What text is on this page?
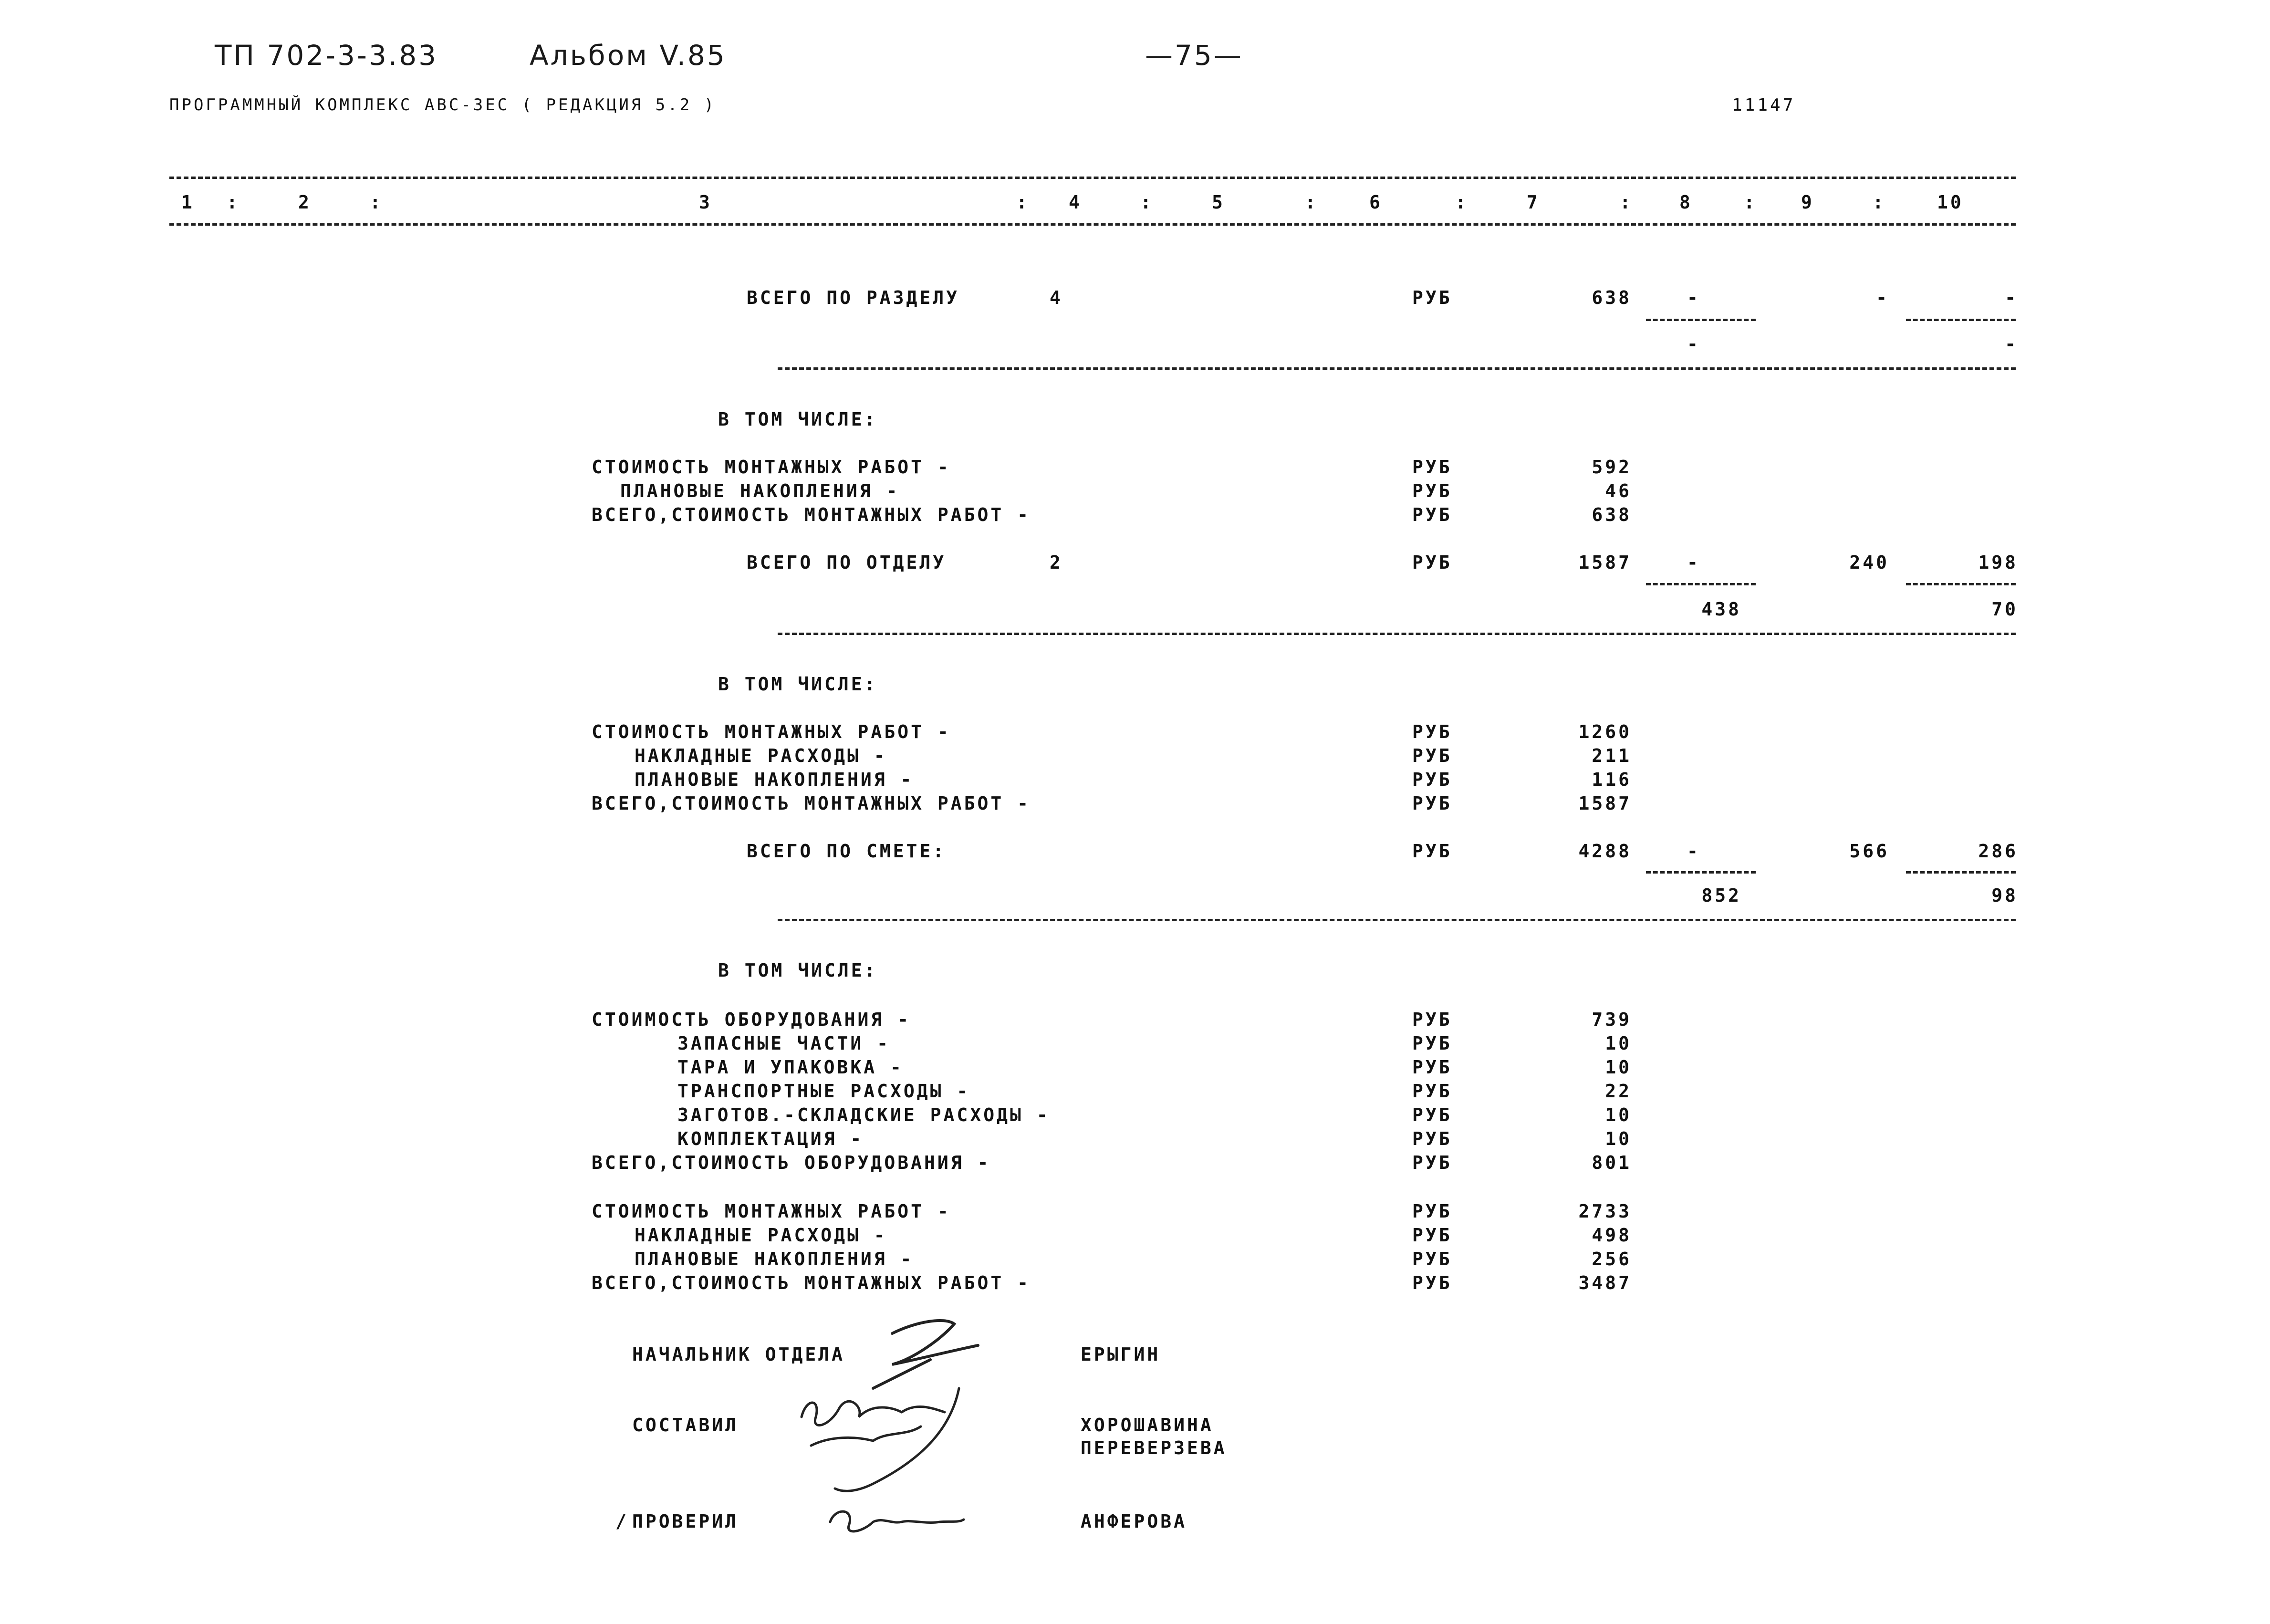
ТП 702-3-3.83	Альбом V.85	—75—
ПРОГРАММНЫЙ КОМПЛЕКС АВС-3ЕС ( РЕДАКЦИЯ 5.2 )	11147
1 :	2	:	3	: 4	:	5	:	6	:	7	:	8	: 9	:	10
ВСЕГО ПО РАЗДЕЛУ	4	РУБ	638	-	-	-
-	-
В ТОМ ЧИСЛЕ:
СТОИМОСТЬ МОНТАЖНЫХ РАБОТ -	РУБ	592
ПЛАНОВЫЕ НАКОПЛЕНИЯ -	РУБ	46
ВСЕГО,СТОИМОСТЬ МОНТАЖНЫХ РАБОТ -	РУБ	638
ВСЕГО ПО ОТДЕЛУ	2	РУБ	1587	-	240	198
438	70
В ТОМ ЧИСЛЕ:
СТОИМОСТЬ МОНТАЖНЫХ РАБОТ -	РУБ	1260
НАКЛАДНЫЕ РАСХОДЫ -	РУБ	211
ПЛАНОВЫЕ НАКОПЛЕНИЯ -	РУБ	116
ВСЕГО,СТОИМОСТЬ МОНТАЖНЫХ РАБОТ -	РУБ	1587
ВСЕГО ПО СМЕТЕ:	РУБ	4288	-	566	286
852	98
В ТОМ ЧИСЛЕ:
СТОИМОСТЬ ОБОРУДОВАНИЯ -	РУБ	739
ЗАПАСНЫЕ ЧАСТИ -	РУБ	10
ТАРА И УПАКОВКА -	РУБ	10
ТРАНСПОРТНЫЕ РАСХОДЫ -	РУБ	22
ЗАГОТОВ.-СКЛАДСКИЕ РАСХОДЫ -	РУБ	10
КОМПЛЕКТАЦИЯ -	РУБ	10
ВСЕГО,СТОИМОСТЬ ОБОРУДОВАНИЯ -	РУБ	801
СТОИМОСТЬ МОНТАЖНЫХ РАБОТ -	РУБ	2733
НАКЛАДНЫЕ РАСХОДЫ -	РУБ	498
ПЛАНОВЫЕ НАКОПЛЕНИЯ -	РУБ	256
ВСЕГО,СТОИМОСТЬ МОНТАЖНЫХ РАБОТ -	РУБ	3487
НАЧАЛЬНИК ОТДЕЛА	ЕРЫГИН
СОСТАВИЛ	ХОРОШАВИНА
ПЕРЕВЕРЗЕВА
/ ПРОВЕРИЛ	АНФЕРОВА
